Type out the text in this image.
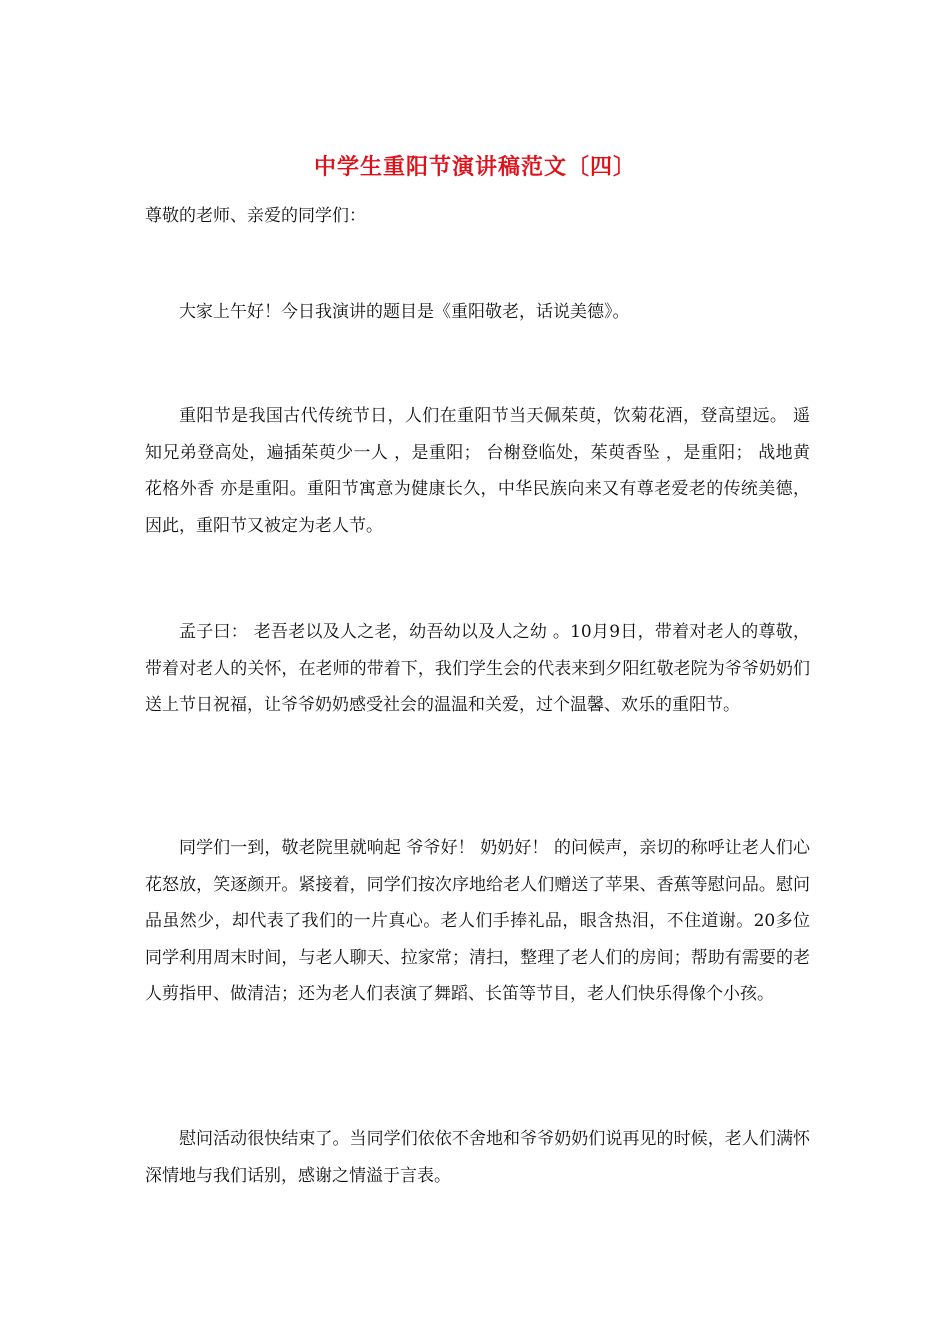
中学生重阳节演讲稿范文〔四〕
尊敬的老师、亲爱的同学们：

大家上午好！今日我演讲的题目是《重阳敬老，话说美德》。

重阳节是我国古代传统节日，人们在重阳节当天佩茱萸，饮菊花酒，登高望远。 遥知兄弟登高处，遍插茱萸少一人 ，是重阳； 台榭登临处，茱萸香坠 ，是重阳； 战地黄花格外香 亦是重阳。重阳节寓意为健康长久，中华民族向来又有尊老爱老的传统美德，因此，重阳节又被定为老人节。

孟子曰： 老吾老以及人之老，幼吾幼以及人之幼 。10月9日，带着对老人的尊敬，带着对老人的关怀，在老师的带着下，我们学生会的代表来到夕阳红敬老院为爷爷奶奶们送上节日祝福，让爷爷奶奶感受社会的温温和关爱，过个温馨、欢乐的重阳节。

同学们一到，敬老院里就响起 爷爷好！ 奶奶好！ 的问候声，亲切的称呼让老人们心花怒放，笑逐颜开。紧接着，同学们按次序地给老人们赠送了苹果、香蕉等慰问品。慰问品虽然少，却代表了我们的一片真心。老人们手捧礼品，眼含热泪，不住道谢。20多位同学利用周末时间，与老人聊天、拉家常；清扫，整理了老人们的房间；帮助有需要的老人剪指甲、做清洁；还为老人们表演了舞蹈、长笛等节目，老人们快乐得像个小孩。

慰问活动很快结束了。当同学们依依不舍地和爷爷奶奶们说再见的时候，老人们满怀深情地与我们话别，感谢之情溢于言表。
